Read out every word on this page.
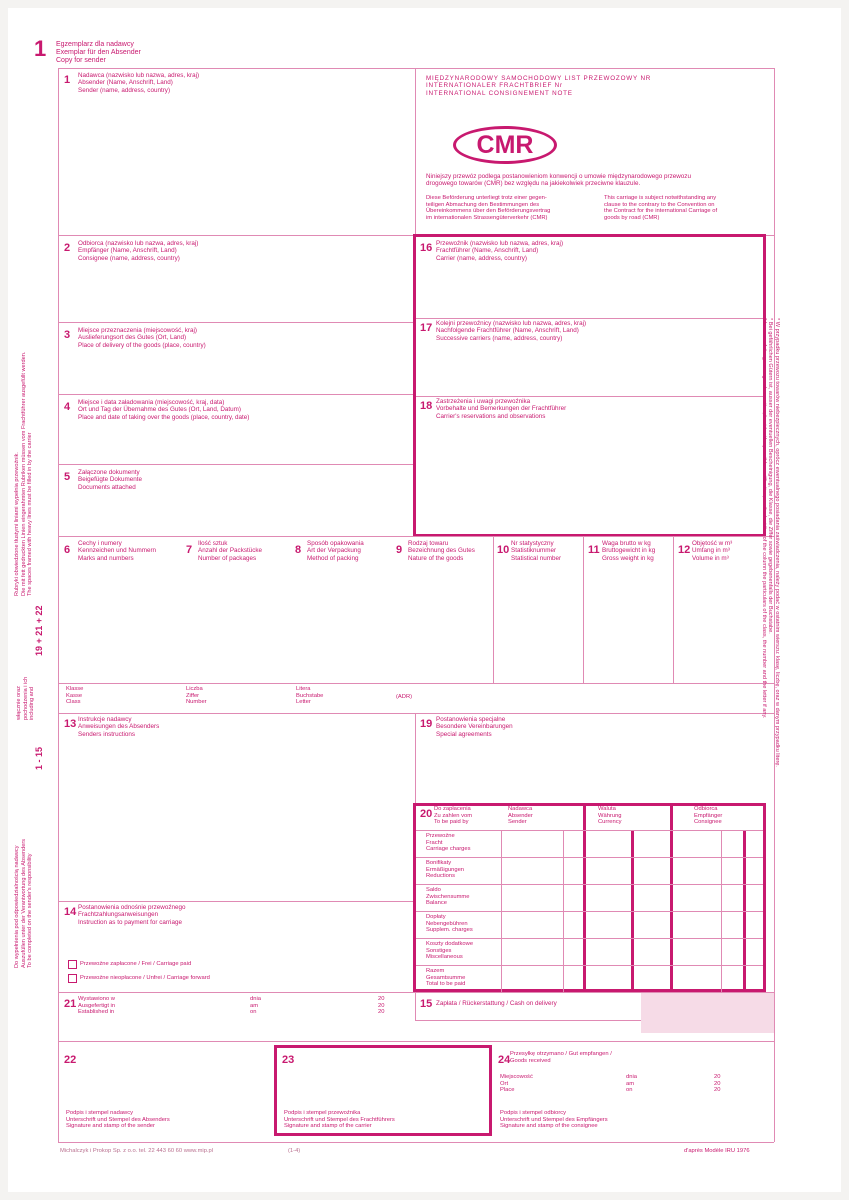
1 Egzemplarz dla nadawcy
Exemplar für den Absender
Copy for sender
1 Nadawca (nazwisko lub nazwa, adres, kraj)
Absender (Name, Anschrift, Land)
Sender (name, address, country)
MIĘDZYNARODOWY SAMOCHODOWY LIST PRZEWOZOWY NR
INTERNATIONALER FRACHTBRIEF Nr
INTERNATIONAL CONSIGNEMENT NOTE
CMR
Niniejszy przewóz podlega postanowieniom konwencji o umowie międzynarodowego przewozu
drogowego towarów (CMR) bez względu na jakiekolwiek przeciwne klauzule.
Diese Beförderung unterliegt trotz einer gegen-
teiligen Abmachung den Bestimmungen des
Übereinkommens über den Beförderungsvertrag
im internationalen Strassengüterverkehr (CMR)
This carriage is subject notwithstanding any
clause to the contrary to the Convention on
the Contract for the international Carriage of
goods by road (CMR)
2 Odbiorca (nazwisko lub nazwa, adres, kraj)
Empfänger (Name, Anschrift, Land)
Consignee (name, address, country)
3 Miejsce przeznaczenia (miejscowość, kraj)
Auslieferungsort des Gutes (Ort, Land)
Place of delivery of the goods (place, country)
4 Miejsce i data załadowania (miejscowość, kraj, data)
Ort und Tag der Übernahme des Gutes (Ort, Land, Datum)
Place and date of taking over the goods (place, country, date)
5 Załączone dokumenty
Beigefügte Dokumente
Documents attached
16 Przewoźnik (nazwisko lub nazwa, adres, kraj)
Frachtführer (Name, Anschrift, Land)
Carrier (name, address, country)
17 Kolejni przewoźnicy (nazwisko lub nazwa, adres, kraj)
Nachfolgende Frachtführer (Name, Anschrift, Land)
Successive carriers (name, address, country)
18 Zastrzeżenia i uwagi przewoźnika
Vorbehalte und Bemerkungen der Frachtführer
Carrier's reservations and observations
6
Cechy i numery
Kennzeichen und Nummern
Marks and numbers
7
Ilość sztuk
Anzahl der Packstücke
Number of packages
8
Sposób opakowania
Art der Verpackung
Method of packing
9
Rodzaj towaru
Bezeichnung des Gutes
Nature of the goods
10
Nr statystyczny
Statistiknummer
Statistical number
11
Waga brutto w kg
Bruttogewicht in kg
Gross weight in kg
12
Objętość w m³
Umfang in m³
Volume in m³
Klasse
Kasse
Class
Liczba
Ziffer
Number
Litera
Buchstabe
Letter
(ADR)
13 Instrukcje nadawcy
Anweisungen des Absenders
Senders instructions
19 Postanowienia specjalne
Besondere Vereinbarungen
Special agreements
14 Postanowienia odnośnie przewoźnego
Frachtzahlungsanweisungen
Instruction as to payment for carriage
Przewoźne zapłacone / Frei / Carriage paid
Przewoźne nieopłacone / Unfrei / Carriage forward
20 Do zapłacenia
Zu zahlen vom
To be paid by
Nadawca
Absender
Sender
Waluta
Währung
Currency
Odbiorca
Empfänger
Consignee
Przewoźne
Fracht
Carriage charges
Bonifikaty
Ermäßigungen
Reductions
Saldo
Zwischensumme
Balance
Dopłaty
Nebengebühren
Supplem. charges
Koszty dodatkowe
Sonstiges
Miscellaneous
Razem
Gesamtsumme
Total to be paid
21 Wystawiono w
Ausgefertigt in
Established in
dnia
am
on
20
20
20
15 Zapłata / Rückerstattung / Cash on delivery
22
Podpis i stempel nadawcy
Unterschrift und Stempel des Absenders
Signature and stamp of the sender
23
Podpis i stempel przewoźnika
Unterschrift und Stempel des Frachtführers
Signature and stamp of the carrier
24 Przesyłkę otrzymano / Gut empfangen /
Goods received
Miejscowość
Ort
Place
dnia
am
on
20
20
20
Podpis i stempel odbiorcy
Unterschrift und Stempel des Empfängers
Signature and stamp of the consignee
Rubryki obwiedzione tłustymi liniami wypełnia przewoźnik. Die mit fett gedruckten Linien eingerahmten Rubriken müssen vom Frachtführer ausgefüllt werden. The spaces framed with heavy lines must be filled in by the carrier
19 + 21 + 22
włącznie oraz pochodzenia i ich including and
1 - 15
Do wypełnienia pod odpowiedzialnością nadawcy Auszufüllen unter der Verantwortung des Absenders To be completed on the sender's responsibility
* W przypadku przewozu towarów niebezpiecznych, oprócz ewentualnego posiadania zaświadczenia, należy podać w ostatnim wierszu: klasę, liczbę, oraz w danym przypadku literę.
* Bei gefährlichen Gütern ist, ausser der eventuellen Bescheinigung, die Klasse, die Ziffer sowie gegebenenfalls der Buchstabe.
* In case of dangerous goods mention, besides the possible certification, on the last line of the column the particulars of the class, the number and the letter if any.
Michalczyk i Prokop Sp. z o.o. tel. 22 443 60 60 www.mip.pl	(1-4)	d'après Modèle IRU 1976
